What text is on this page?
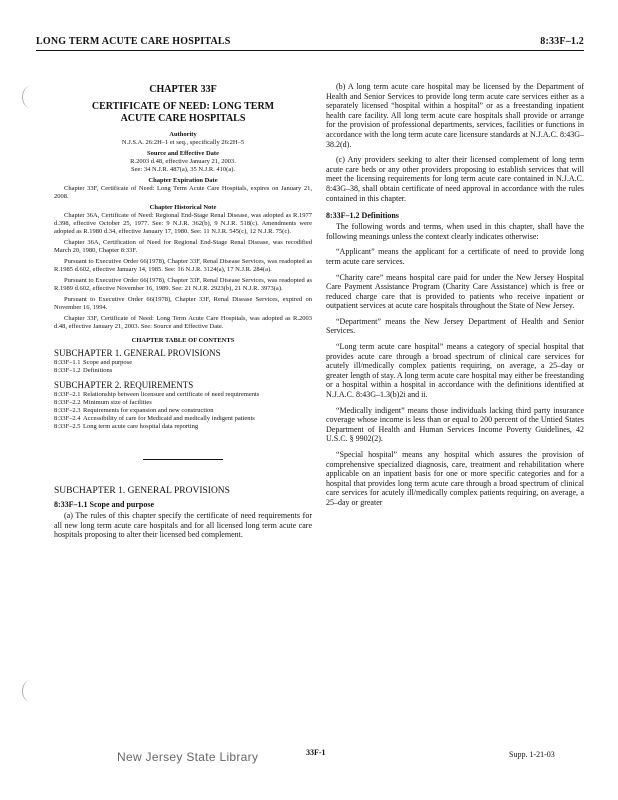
LONG TERM ACUTE CARE HOSPITALS	8:33F–1.2
CHAPTER 33F
CERTIFICATE OF NEED: LONG TERM
ACUTE CARE HOSPITALS
Authority
N.J.S.A. 26:2H–1 et seq., specifically 26:2H–5
Source and Effective Date
R.2003 d.48, effective January 21, 2003.
See: 34 N.J.R. 487(a), 35 N.J.R. 410(a).
Chapter Expiration Date
Chapter 33F, Certificate of Need: Long Term Acute Care Hospitals, expires on January 21, 2008.
Chapter Historical Note
Chapter 36A, Certificate of Need: Regional End-Stage Renal Disease, was adopted as R.1977 d.398, effective October 25, 1977. See: 9 N.J.R. 362(b), 9 N.J.R. 518(c). Amendments were adopted as R.1980 d.34, effective January 17, 1980. See: 11 N.J.R. 545(c), 12 N.J.R. 75(c).
Chapter 36A, Certification of Need for Regional End-Stage Renal Disease, was recodified March 20, 1980, Chapter 8:33F.
Pursuant to Executive Order 66(1978), Chapter 33F, Renal Disease Services, was readopted as R.1985 d.602, effective January 14, 1985. See: 16 N.J.R. 3124(a), 17 N.J.R. 284(a).
Pursuant to Executive Order 66(1978), Chapter 33F, Renal Disease Services, was readopted as R.1989 d.602, effective November 16, 1989. See: 21 N.J.R. 2923(b), 21 N.J.R. 3973(a).
Pursuant to Executive Order 66(1978), Chapter 33F, Renal Disease Services, expired on November 16, 1994.
Chapter 33F, Certificate of Need: Long Term Acute Care Hospitals, was adopted as R.2003 d.48, effective January 21, 2003. See: Source and Effective Date.
CHAPTER TABLE OF CONTENTS
SUBCHAPTER 1. GENERAL PROVISIONS
8:33F–1.1 Scope and purpose
8:33F–1.2 Definitions
SUBCHAPTER 2. REQUIREMENTS
8:33F–2.1 Relationship between licensure and certificate of need requirements
8:33F–2.2 Minimum size of facilities
8:33F–2.3 Requirements for expansion and new construction
8:33F–2.4 Accessibility of care for Medicaid and medically indigent patients
8:33F–2.5 Long term acute care hospital data reporting
SUBCHAPTER 1. GENERAL PROVISIONS
8:33F–1.1 Scope and purpose
(a) The rules of this chapter specify the certificate of need requirements for all new long term acute care hospitals and for all licensed long term acute care hospitals proposing to alter their licensed bed complement.
(b) A long term acute care hospital may be licensed by the Department of Health and Senior Services to provide long term acute care services either as a separately licensed “hospital within a hospital” or as a freestanding inpatient health care facility. All long term acute care hospitals shall provide or arrange for the provision of professional departments, services, facilities or functions in accordance with the long term acute care licensure standards at N.J.A.C. 8:43G–38.2(d).
(c) Any providers seeking to alter their licensed complement of long term acute care beds or any other providers proposing to establish services that will meet the licensing requirements for long term acute care contained in N.J.A.C. 8:43G–38, shall obtain certificate of need approval in accordance with the rules contained in this chapter.
8:33F–1.2 Definitions
The following words and terms, when used in this chapter, shall have the following meanings unless the context clearly indicates otherwise:
“Applicant” means the applicant for a certificate of need to provide long term acute care services.
“Charity care” means hospital care paid for under the New Jersey Hospital Care Payment Assistance Program (Charity Care Assistance) which is free or reduced charge care that is provided to patients who receive inpatient or outpatient services at acute care hospitals throughout the State of New Jersey.
“Department” means the New Jersey Department of Health and Senior Services.
“Long term acute care hospital” means a category of special hospital that provides acute care through a broad spectrum of clinical care services for acutely ill/medically complex patients requiring, on average, a 25–day or greater length of stay. A long term acute care hospital may either be freestanding or a hospital within a hospital in accordance with the definitions identified at N.J.A.C. 8:43G–1.3(b)2i and ii.
“Medically indigent” means those individuals lacking third party insurance coverage whose income is less than or equal to 200 percent of the Untied States Department of Health and Human Services Income Poverty Guidelines, 42 U.S.C. § 9902(2).
“Special hospital” means any hospital which assures the provision of comprehensive specialized diagnosis, care, treatment and rehabilitation where applicable on an inpatient basis for one or more specific categories and for a hospital that provides long term acute care through a broad spectrum of clinical care services for acutely ill/medically complex patients requiring, on average, a 25–day or greater
New Jersey State Library	33F-1	Supp. 1-21-03
